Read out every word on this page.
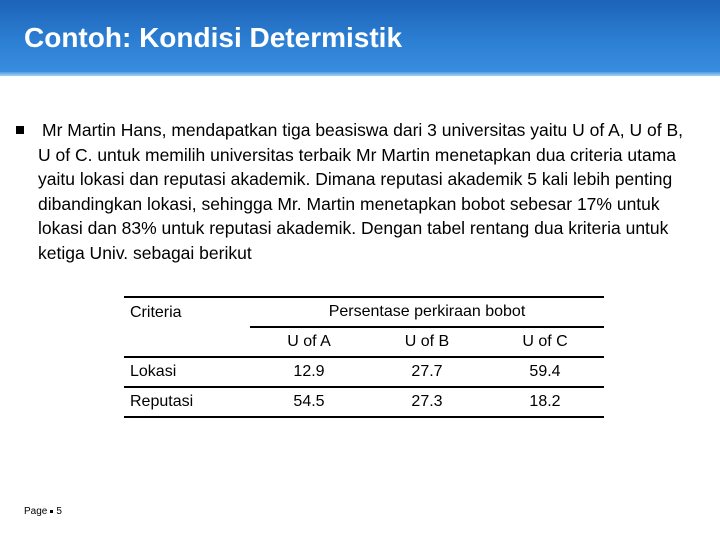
Contoh: Kondisi Determistik
Mr Martin Hans, mendapatkan tiga beasiswa dari 3 universitas yaitu U of A, U of B, U of C. untuk memilih universitas terbaik Mr Martin menetapkan dua criteria utama yaitu lokasi dan reputasi akademik. Dimana reputasi akademik 5 kali lebih penting dibandingkan lokasi, sehingga Mr. Martin menetapkan bobot sebesar 17% untuk lokasi dan 83% untuk reputasi akademik. Dengan tabel rentang dua kriteria untuk ketiga Univ. sebagai berikut
Criteria	Persentase perkiraan bobot		
	U of A	U of B	U of C
Lokasi	12.9	27.7	59.4
Reputasi	54.5	27.3	18.2
Page 5
